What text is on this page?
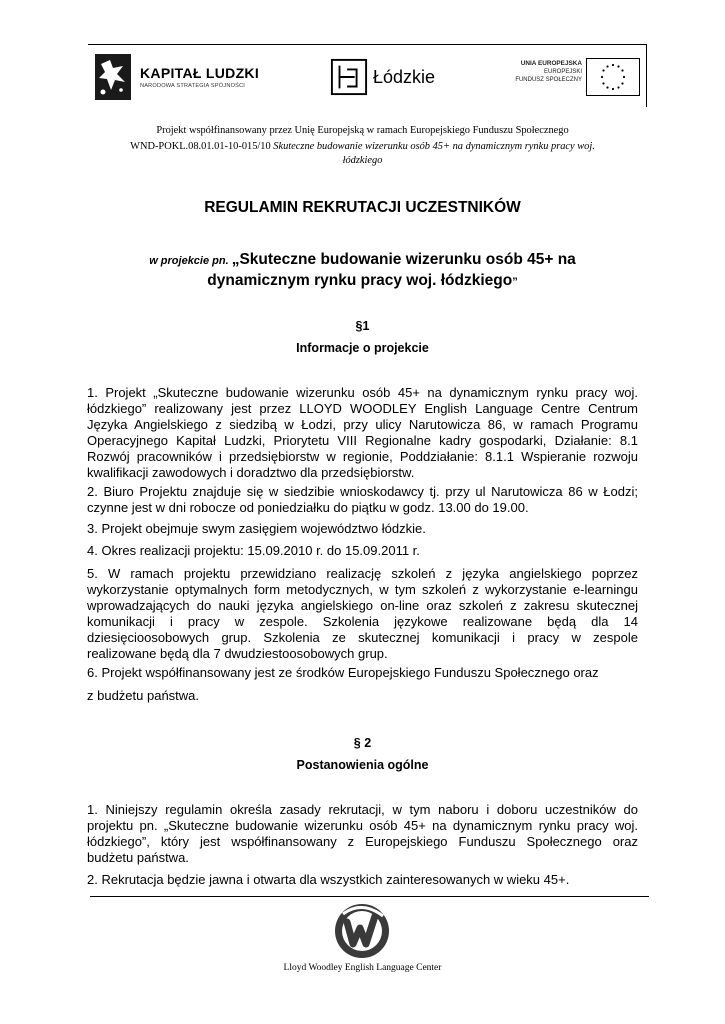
KAPITAŁ LUDZKI
NARODOWA STRATEGIA SPÓJNOŚCI	Łódzkie
UNIA EUROPEJSKA
EUROPEJSKI
FUNDUSZ SPOŁECZNY
Projekt współfinansowany przez Unię Europejską w ramach Europejskiego Funduszu Społecznego
WND-POKL.08.01.01-10-015/10 Skuteczne budowanie wizerunku osób 45+ na dynamicznym rynku pracy woj.
łódzkiego
REGULAMIN REKRUTACJI UCZESTNIKÓW
w projekcie pn. „Skuteczne budowanie wizerunku osób 45+ na
dynamicznym rynku pracy woj. łódzkiego”
§1
Informacje o projekcie
1. Projekt „Skuteczne budowanie wizerunku osób 45+ na dynamicznym rynku pracy woj.
łódzkiego” realizowany jest przez LLOYD WOODLEY English Language Centre Centrum
Języka Angielskiego z siedzibą w Łodzi, przy ulicy Narutowicza 86, w ramach Programu
Operacyjnego Kapitał Ludzki, Priorytetu VIII Regionalne kadry gospodarki, Działanie: 8.1
Rozwój pracowników i przedsiębiorstw w regionie, Poddziałanie: 8.1.1 Wspieranie rozwoju
kwalifikacji zawodowych i doradztwo dla przedsiębiorstw.
2. Biuro Projektu znajduje się w siedzibie wnioskodawcy tj. przy ul Narutowicza 86 w Łodzi;
czynne jest w dni robocze od poniedziałku do piątku w godz. 13.00 do 19.00.
3. Projekt obejmuje swym zasięgiem województwo łódzkie.
4. Okres realizacji projektu: 15.09.2010 r. do 15.09.2011 r.
5. W ramach projektu przewidziano realizację szkoleń z języka angielskiego poprzez
wykorzystanie optymalnych form metodycznych, w tym szkoleń z wykorzystanie e-learningu
wprowadzających do nauki języka angielskiego on-line oraz szkoleń z zakresu skutecznej
komunikacji i pracy w zespole. Szkolenia językowe realizowane będą dla 14
dziesięcioosobowych grup. Szkolenia ze skutecznej komunikacji i pracy w zespole
realizowane będą dla 7 dwudziestoosobowych grup.
6. Projekt współfinansowany jest ze środków Europejskiego Funduszu Społecznego oraz
z budżetu państwa.
§ 2
Postanowienia ogólne
1. Niniejszy regulamin określa zasady rekrutacji, w tym naboru i doboru uczestników do
projektu pn. „Skuteczne budowanie wizerunku osób 45+ na dynamicznym rynku pracy woj.
łódzkiego”, który jest współfinansowany z Europejskiego Funduszu Społecznego oraz
budżetu państwa.
2. Rekrutacja będzie jawna i otwarta dla wszystkich zainteresowanych w wieku 45+.
Lloyd Woodley English Language Center
